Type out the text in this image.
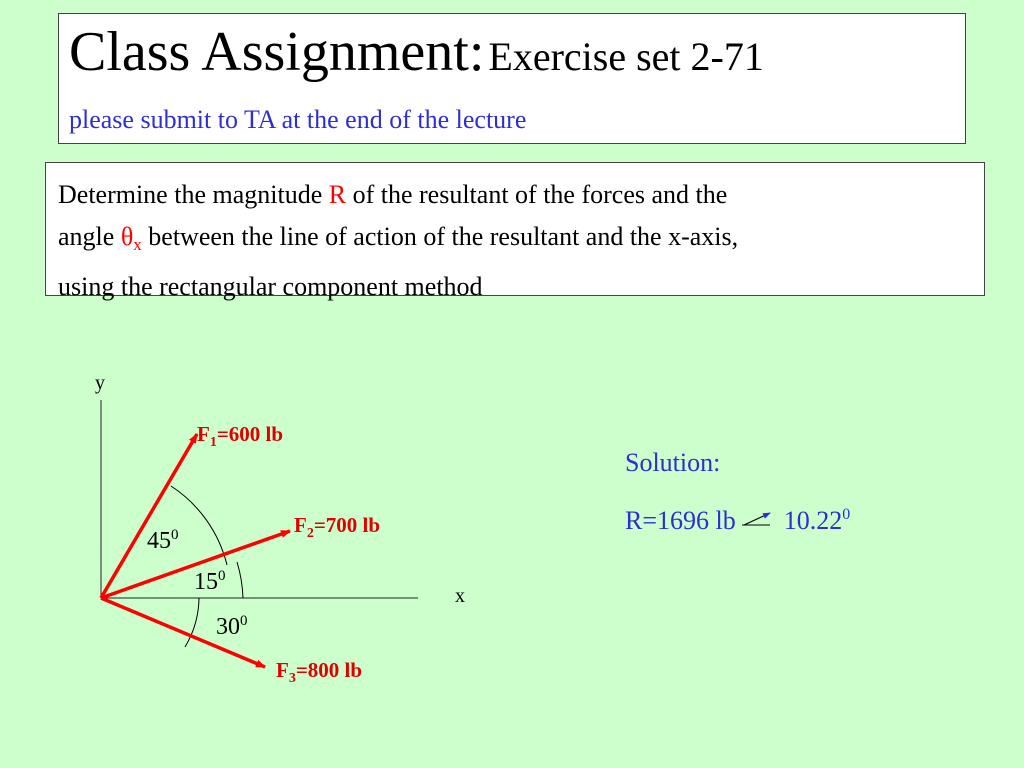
Class Assignment: Exercise set 2-71
please submit to TA at the end of the lecture
Determine the magnitude R of the resultant of the forces and the
angle θx between the line of action of the resultant and the x-axis,
using the rectangular component method
y
x
$F_1=600$ lb
$F_2=700$ lb
$F_3=800$ lb
$45^0$
$15^0$
$30^0$
Solution:
R=1696 lb 10.22$^0$
